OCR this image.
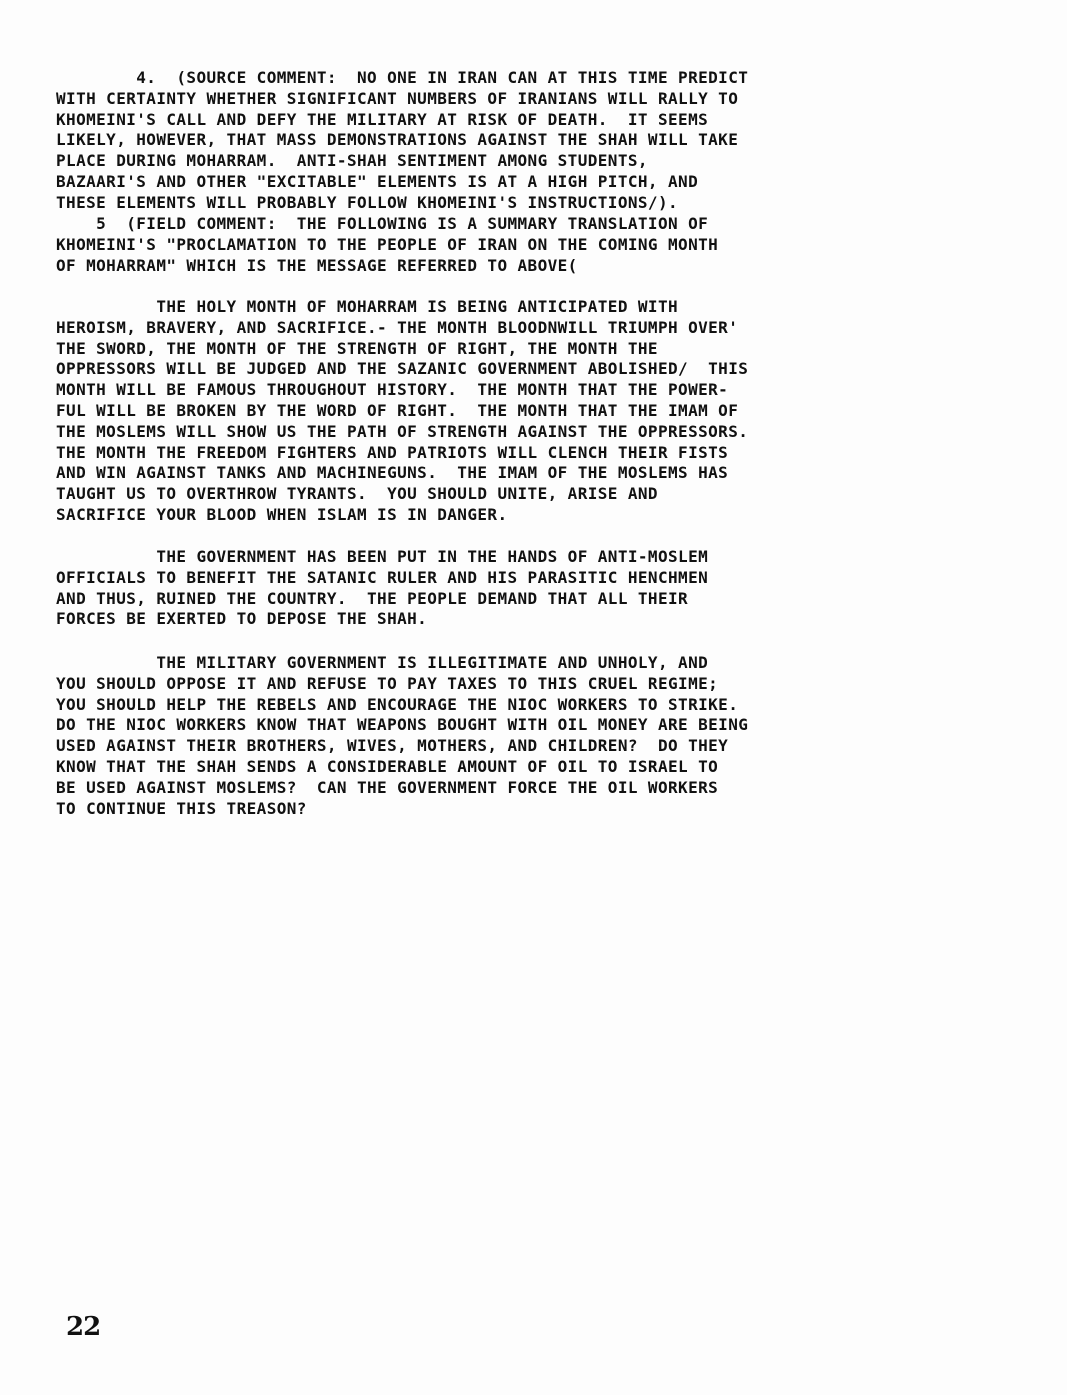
4.  (SOURCE COMMENT:  NO ONE IN IRAN CAN AT THIS TIME PREDICT
WITH CERTAINTY WHETHER SIGNIFICANT NUMBERS OF IRANIANS WILL RALLY TO
KHOMEINI'S CALL AND DEFY THE MILITARY AT RISK OF DEATH.  IT SEEMS
LIKELY, HOWEVER, THAT MASS DEMONSTRATIONS AGAINST THE SHAH WILL TAKE
PLACE DURING MOHARRAM.  ANTI-SHAH SENTIMENT AMONG STUDENTS,
BAZAARI'S AND OTHER "EXCITABLE" ELEMENTS IS AT A HIGH PITCH, AND
THESE ELEMENTS WILL PROBABLY FOLLOW KHOMEINI'S INSTRUCTIONS/).
5  (FIELD COMMENT:  THE FOLLOWING IS A SUMMARY TRANSLATION OF
KHOMEINI'S "PROCLAMATION TO THE PEOPLE OF IRAN ON THE COMING MONTH
OF MOHARRAM" WHICH IS THE MESSAGE REFERRED TO ABOVE(
THE HOLY MONTH OF MOHARRAM IS BEING ANTICIPATED WITH
HEROISM, BRAVERY, AND SACRIFICE.- THE MONTH BLOODNWILL TRIUMPH OVER'
THE SWORD, THE MONTH OF THE STRENGTH OF RIGHT, THE MONTH THE
OPPRESSORS WILL BE JUDGED AND THE SAZANIC GOVERNMENT ABOLISHED/  THIS
MONTH WILL BE FAMOUS THROUGHOUT HISTORY.  THE MONTH THAT THE POWER-
FUL WILL BE BROKEN BY THE WORD OF RIGHT.  THE MONTH THAT THE IMAM OF
THE MOSLEMS WILL SHOW US THE PATH OF STRENGTH AGAINST THE OPPRESSORS.
THE MONTH THE FREEDOM FIGHTERS AND PATRIOTS WILL CLENCH THEIR FISTS
AND WIN AGAINST TANKS AND MACHINEGUNS.  THE IMAM OF THE MOSLEMS HAS
TAUGHT US TO OVERTHROW TYRANTS.  YOU SHOULD UNITE, ARISE AND
SACRIFICE YOUR BLOOD WHEN ISLAM IS IN DANGER.
THE GOVERNMENT HAS BEEN PUT IN THE HANDS OF ANTI-MOSLEM
OFFICIALS TO BENEFIT THE SATANIC RULER AND HIS PARASITIC HENCHMEN
AND THUS, RUINED THE COUNTRY.  THE PEOPLE DEMAND THAT ALL THEIR
FORCES BE EXERTED TO DEPOSE THE SHAH.
THE MILITARY GOVERNMENT IS ILLEGITIMATE AND UNHOLY, AND
YOU SHOULD OPPOSE IT AND REFUSE TO PAY TAXES TO THIS CRUEL REGIME;
YOU SHOULD HELP THE REBELS AND ENCOURAGE THE NIOC WORKERS TO STRIKE.
DO THE NIOC WORKERS KNOW THAT WEAPONS BOUGHT WITH OIL MONEY ARE BEING
USED AGAINST THEIR BROTHERS, WIVES, MOTHERS, AND CHILDREN?  DO THEY
KNOW THAT THE SHAH SENDS A CONSIDERABLE AMOUNT OF OIL TO ISRAEL TO
BE USED AGAINST MOSLEMS?  CAN THE GOVERNMENT FORCE THE OIL WORKERS
TO CONTINUE THIS TREASON?
22
